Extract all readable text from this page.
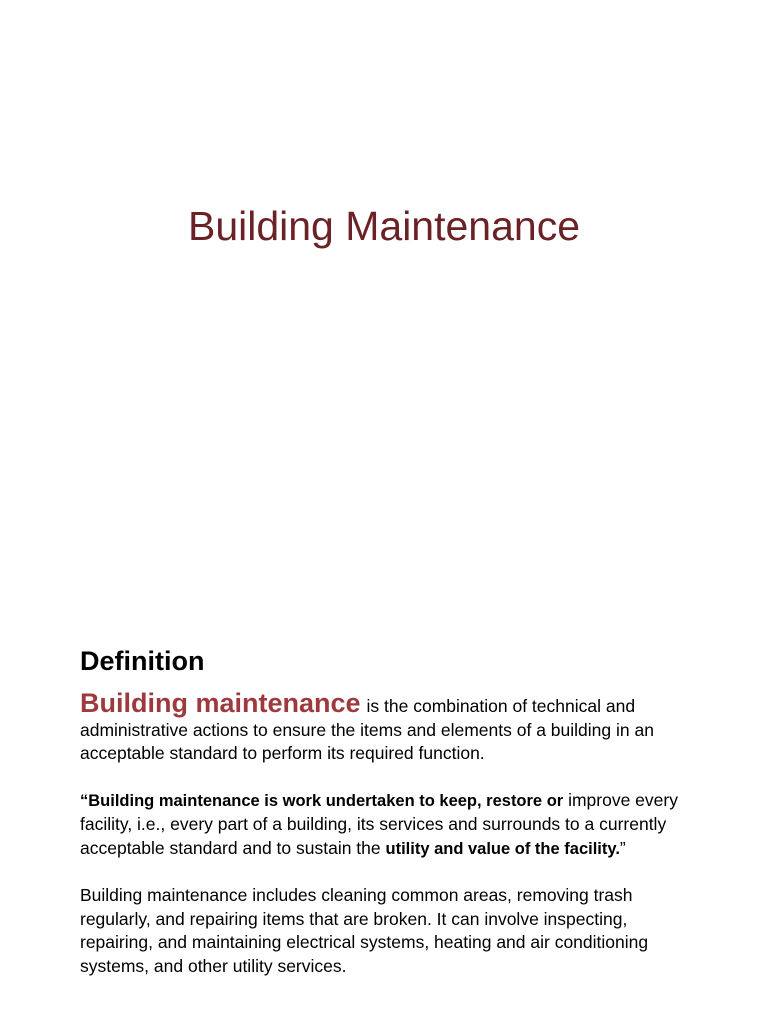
Building Maintenance
Definition

Building maintenance is the combination of technical and administrative actions to ensure the items and elements of a building in an acceptable standard to perform its required function.

“Building maintenance is work undertaken to keep, restore or improve every facility, i.e., every part of a building, its services and surrounds to a currently acceptable standard and to sustain the utility and value of the facility.”

Building maintenance includes cleaning common areas, removing trash regularly, and repairing items that are broken. It can involve inspecting, repairing, and maintaining electrical systems, heating and air conditioning systems, and other utility services.
